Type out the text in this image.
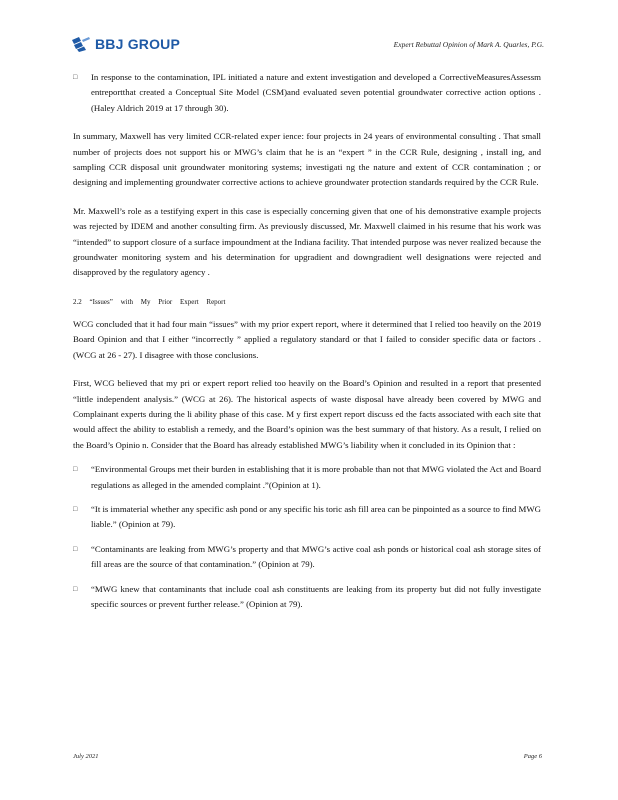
BBJ GROUP	Expert Rebuttal Opinion of Mark A. Quarles, P.G.
□ In response to the contamination, IPL initiated a nature and extent investigation and developed a CorrectiveMeasuresAssessm entreportthat created a Conceptual Site Model (CSM)and evaluated seven potential groundwater corrective action options .(Haley Aldrich 2019 at 17 through 30).

In summary, Maxwell has very limited CCR-related exper ience: four projects in 24 years of environmental consulting . That small number of projects does not support his or MWG’s claim that he is an “expert ” in the CCR Rule, designing , install ing, and sampling CCR disposal unit groundwater monitoring systems; investigati ng the nature and extent of CCR contamination ; or designing and implementing groundwater corrective actions to achieve groundwater protection standards required by the CCR Rule.

Mr. Maxwell’s role as a testifying expert in this case is especially concerning given that one of his demonstrative example projects was rejected by IDEM and another consulting firm. As previously discussed, Mr. Maxwell claimed in his resume that his work was “intended” to support closure of a surface impoundment at the Indiana facility. That intended purpose was never realized because the groundwater monitoring system and his determination for upgradient and downgradient well designations were rejected and disapproved by the regulatory agency .

2.2 “Issues” with My Prior Expert Report

WCG concluded that it had four main “issues” with my prior expert report, where it determined that I relied too heavily on the 2019 Board Opinion and that I either “incorrectly ” applied a regulatory standard or that I failed to consider specific data or factors . (WCG at 26 - 27). I disagree with those conclusions.

First, WCG believed that my pri or expert report relied too heavily on the Board’s Opinion and resulted in a report that presented “little independent analysis.” (WCG at 26). The historical aspects of waste disposal have already been covered by MWG and Complainant experts during the li ability phase of this case. M y first expert report discuss ed the facts associated with each site that would affect the ability to establish a remedy, and the Board’s opinion was the best summary of that history. As a result, I relied on the Board’s Opinio n. Consider that the Board has already established MWG’s liability when it concluded in its Opinion that :

□ “Environmental Groups met their burden in establishing that it is more probable than not that MWG violated the Act and Board regulations as alleged in the amended complaint .”(Opinion at 1).
□ “It is immaterial whether any specific ash pond or any specific his toric ash fill area can be pinpointed as a source to find MWG liable.” (Opinion at 79).
□ “Contaminants are leaking from MWG’s property and that MWG’s active coal ash ponds or historical coal ash storage sites of fill areas are the source of that contamination.” (Opinion at 79).
□ “MWG knew that contaminants that include coal ash constituents are leaking from its property but did not fully investigate specific sources or prevent further release.” (Opinion at 79).
July 2021	Page 6
